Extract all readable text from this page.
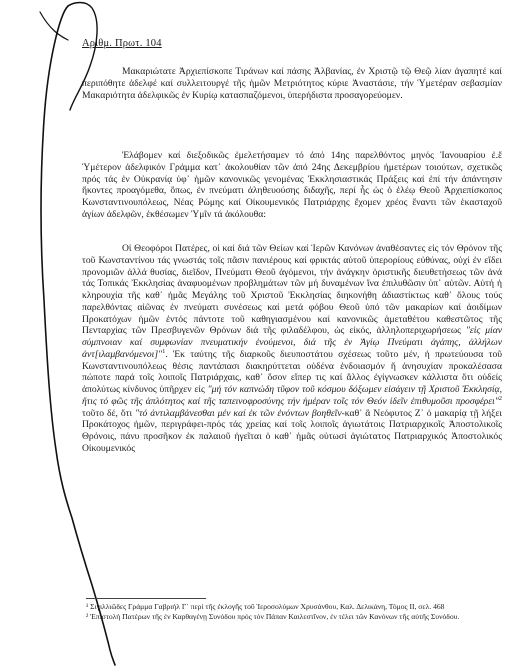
Αριθμ. Πρωτ. 104

Μακαριώτατε Ἀρχιεπίσκοπε Τιράνων καί πάσης Ἀλβανίας, ἐν Χριστῷ τῷ Θεῷ λίαν ἀγαπητέ καί περιπόθητε ἀδελφέ καί συλλειτουργέ τῆς ἡμῶν Μετριότητος κύριε Ἀναστάσιε, τήν Ὑμετέραν σεβασμίαν Μακαριότητα ἀδελφικῶς ἐν Κυρίῳ κατασπαζόμενοι, ὑπερήδιστα προσαγορεύομεν.

Ἐλάβομεν καί διεξοδικῶς ἐμελετήσαμεν τό ἀπό 14ης παρελθόντος μηνός Ἰανουαρίου ἐ.ἔ Ὑμέτερον ἀδελφικόν Γράμμα κατ᾽ ἀκολουθίαν τῶν ἀπό 24ης Δεκεμβρίου ἡμετέρων τοιούτων, σχετικῶς πρός τάς ἐν Οὐκρανίᾳ ὑφ᾽ ἡμῶν κανονικῶς γενομένας Ἐκκλησιαστικάς Πράξεις καί ἐπί τήν ἀπάντησιν ἥκοντες προαγόμεθα, ὅπως, ἐν πνεύματι ἀληθευούσης διδαχῆς, περί ἧς ὡς ὁ ἐλέῳ Θεοῦ Ἀρχιεπίσκοπος Κωνσταντινουπόλεως, Νέας Ρώμης καί Οἰκουμενικός Πατριάρχης ἔχομεν χρέος ἔναντι τῶν ἑκασταχοῦ ἁγίων ἀδελφῶν, ἐκθέσωμεν Ὑμῖν τά ἀκόλουθα:

Οἱ Θεοφόροι Πατέρες, οἱ καί διά τῶν Θείων καί Ἱερῶν Κανόνων ἀναθέσαντες εἰς τόν Θρόνον τῆς τοῦ Κωνσταντίνου τάς γνωστάς τοῖς πᾶσιν πανιέρους καί φρικτάς αὐτοῦ ὑπερορίους εὐθύνας, οὐχί ἐν εἴδει προνομιῶν ἀλλά θυσίας, διεῖδον, Πνεύματι Θεοῦ ἀγόμενοι, τήν ἀνάγκην ὁριστικῆς διευθετήσεως τῶν ἀνά τάς Τοπικάς Ἐκκλησίας ἀναφυομένων προβλημάτων τῶν μή δυναμένων ἵνα ἐπιλυθῶσιν ὑπ᾽ αὐτῶν. Αὐτή ἡ κληρουχία τῆς καθ᾽ ἡμᾶς Μεγάλης τοῦ Χριστοῦ Ἐκκλησίας διηκονήθη ἀδιαστίκτως καθ᾽ ὅλους τούς παρελθόντας αἰῶνας ἐν πνεύματι συνέσεως καί μετά φόβου Θεοῦ ὑπό τῶν μακαρίων καί ἀοιδίμων Προκατόχων ἡμῶν ἐντός πάντοτε τοῦ καθηγιασμένου καί κανονικῶς ἀμεταθέτου καθεστῶτος τῆς Πενταρχίας τῶν Πρεσβυγενῶν Θρόνων διά τῆς φιλαδέλφου, ὡς εἰκός, ἀλληλοπεριχωρήσεως "εἰς μίαν σύμπνοιαν καί συμφωνίαν πνευματικήν ἑνούμενοι, διά τῆς ἐν Ἁγίῳ Πνεύματι ἀγάπης, ἀλλήλων ἀντ[ιλαμβανόμενοι]"$^1$. Ἐκ ταύτης τῆς διαρκοῦς διευποστάτου σχέσεως τοῦτο μέν, ἡ πρωτεύουσα τοῦ Κωνσταντινουπόλεως θέσις παντάπασι διακηρύττεται οὐδένα ἐνδοιασμόν ἤ ἀνησυχίαν προκαλέσασα πώποτε παρά τοῖς λοιποῖς Πατριάρχαις, καθ᾽ ὅσον εἴπερ τις καί ἄλλος ἐγίγνωσκεν κάλλιστα ὅτι οὐδείς ἀπολύτως κίνδυνος ὑπῆρχεν εἰς "μή τόν καπνώδη τῦφον τοῦ κόσμου δόξωμεν εἰσάγειν τῇ Χριστοῦ Ἐκκλησίᾳ, ἥτις τό φῶς τῆς ἀπλότητος καί τῆς ταπεινοφροσύνης τήν ἡμέραν τοῖς τόν Θεόν ἰδεῖν ἐπιθυμοῦσι προσφέρει"$^2$ τοῦτο δέ, ὅτι "τό ἀντιλαμβάνεσθαι μέν καί ἐκ τῶν ἐνόντων βοηθεῖν-καθ᾽ ἃ Νεόφυτος Ζ᾽ ὁ μακαρίᾳ τῇ λήξει Προκάτοχος ἡμῶν, περιγράφει-πρός τάς χρείας καί τοῖς λοιποῖς ἁγιωτάτοις Πατριαρχικοῖς Ἀποστολικοῖς Θρόνοις, πάνυ προσῆκον ἐκ παλαιοῦ ἡγεῖται ὁ καθ᾽ ἡμᾶς οὑτωσί ἁγιώτατος Πατριαρχικός Ἀποστολικός Οἰκουμενικός

¹ Σιγιλλιῶδες Γράμμα Γαβριήλ Γ᾽ περί τῆς ἐκλογῆς τοῦ Ἱεροσολύμων Χρυσάνθου, Καλ. Δελικάνη, Τόμος ΙΙ, σελ. 468

² Ἐπιστολή Πατέρων τῆς ἐν Καρθαγένῃ Συνόδου πρός τόν Πάπαν Καιλεστῖνον, ἐν τέλει τῶν Κανόνων τῆς αὐτῆς Συνόδου.
